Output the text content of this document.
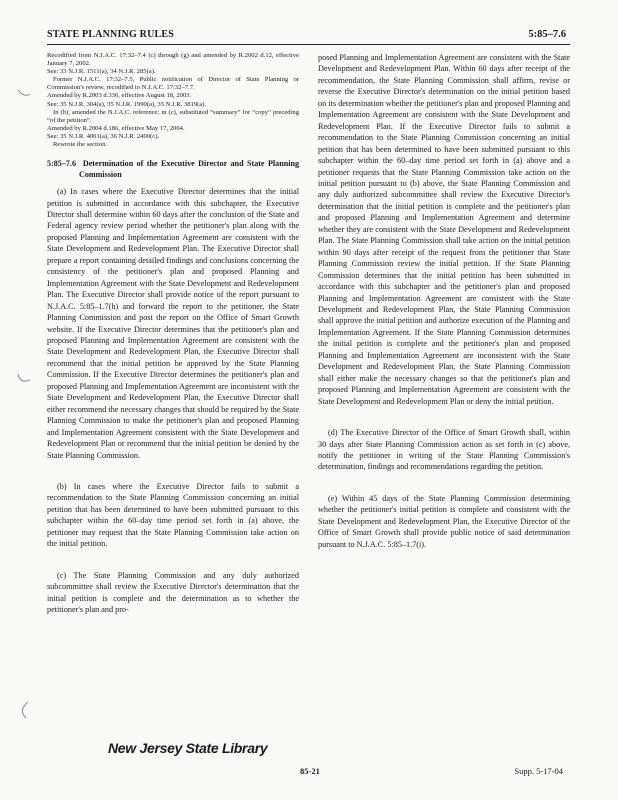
STATE PLANNING RULES	5:85–7.6

Recodified from N.J.A.C. 17:32–7.4 (c) through (g) and amended by R.2002 d.12, effective January 7, 2002.

See: 33 N.J.R. 1511(a), 34 N.J.R. 285(a).

Former N.J.A.C. 17:32–7.5, Public notification of Director of State Planning or Commission's review, recodified to N.J.A.C. 17:32–7.7.

Amended by R.2003 d.336, effective August 18, 2003.

See: 35 N.J.R. 304(a), 35 N.J.R. 1990(a), 35 N.J.R. 3819(a).

In (b), amended the N.J.A.C. reference; in (c), substituted “summary” for “copy” preceding “of the petition”.

Amended by R.2004 d.186, effective May 17, 2004.

See: 35 N.J.R. 4001(a), 36 N.J.R. 2490(c).

Rewrote the section.

5:85–7.6 Determination of the Executive Director and State Planning Commission

(a) In cases where the Executive Director determines that the initial petition is submitted in accordance with this subchapter, the Executive Director shall determine within 60 days after the conclusion of the State and Federal agency review period whether the petitioner's plan along with the proposed Planning and Implementation Agreement are consistent with the State Development and Redevelopment Plan. The Executive Director shall prepare a report containing detailed findings and conclusions concerning the consistency of the petitioner's plan and proposed Planning and Implementation Agreement with the State Development and Redevelopment Plan. The Executive Director shall provide notice of the report pursuant to N.J.A.C. 5:85–1.7(h) and forward the report to the petitioner, the State Planning Commission and post the report on the Office of Smart Growth website. If the Executive Director determines that the petitioner's plan and proposed Planning and Implementation Agreement are consistent with the State Development and Redevelopment Plan, the Executive Director shall recommend that the initial petition be approved by the State Planning Commission. If the Executive Director determines the petitioner's plan and proposed Planning and Implementation Agreement are inconsistent with the State Development and Redevelopment Plan, the Executive Director shall either recommend the necessary changes that should be required by the State Planning Commission to make the petitioner's plan and proposed Planning and Implementation Agreement consistent with the State Development and Redevelopment Plan or recommend that the initial petition be denied by the State Planning Commission.

(b) In cases where the Executive Director fails to submit a recommendation to the State Planning Commission concerning an initial petition that has been determined to have been submitted pursuant to this subchapter within the 60–day time period set forth in (a) above, the petitioner may request that the State Planning Commission take action on the initial petition.

(c) The State Planning Commission and any duly authorized subcommittee shall review the Executive Director's determination that the initial petition is complete and the determination as to whether the petitioner's plan and pro-

posed Planning and Implementation Agreement are consistent with the State Development and Redevelopment Plan. Within 60 days after receipt of the recommendation, the State Planning Commission shall affirm, revise or reverse the Executive Director's determination on the initial petition based on its determination whether the petitioner's plan and proposed Planning and Implementation Agreement are consistent with the State Development and Redevelopment Plan. If the Executive Director fails to submit a recommendation to the State Planning Commission concerning an initial petition that has been determined to have been submitted pursuant to this subchapter within the 60–day time period set forth in (a) above and a petitioner requests that the State Planning Commission take action on the initial petition pursuant to (b) above, the State Planning Commission and any duly authorized subcommittee shall review the Executive Director's determination that the initial petition is complete and the petitioner's plan and proposed Planning and Implementation Agreement and determine whether they are consistent with the State Development and Redevelopment Plan. The State Planning Commission shall take action on the initial petition within 90 days after receipt of the request from the petitioner that State Planning Commission review the initial petition. If the State Planning Commission determines that the initial petition has been submitted in accordance with this subchapter and the petitioner's plan and proposed Planning and Implementation Agreement are consistent with the State Development and Redevelopment Plan, the State Planning Commission shall approve the initial petition and authorize execution of the Planning and Implementation Agreement. If the State Planning Commission determines the initial petition is complete and the petitioner's plan and proposed Planning and Implementation Agreement are inconsistent with the State Development and Redevelopment Plan, the State Planning Commission shall either make the necessary changes so that the petitioner's plan and proposed Planning and Implementation Agreement are consistent with the State Development and Redevelopment Plan or deny the initial petition.

(d) The Executive Director of the Office of Smart Growth shall, within 30 days after State Planning Commission action as set forth in (c) above, notify the petitioner in writing of the State Planning Commission's determination, findings and recommendations regarding the petition.

(e) Within 45 days of the State Planning Commission determining whether the petitioner's initial petition is complete and consistent with the State Development and Redevelopment Plan, the Executive Director of the Office of Smart Growth shall provide public notice of said determination pursuant to N.J.A.C. 5:85–1.7(i).

New Jersey State Library
85-21	Supp. 5-17-04
